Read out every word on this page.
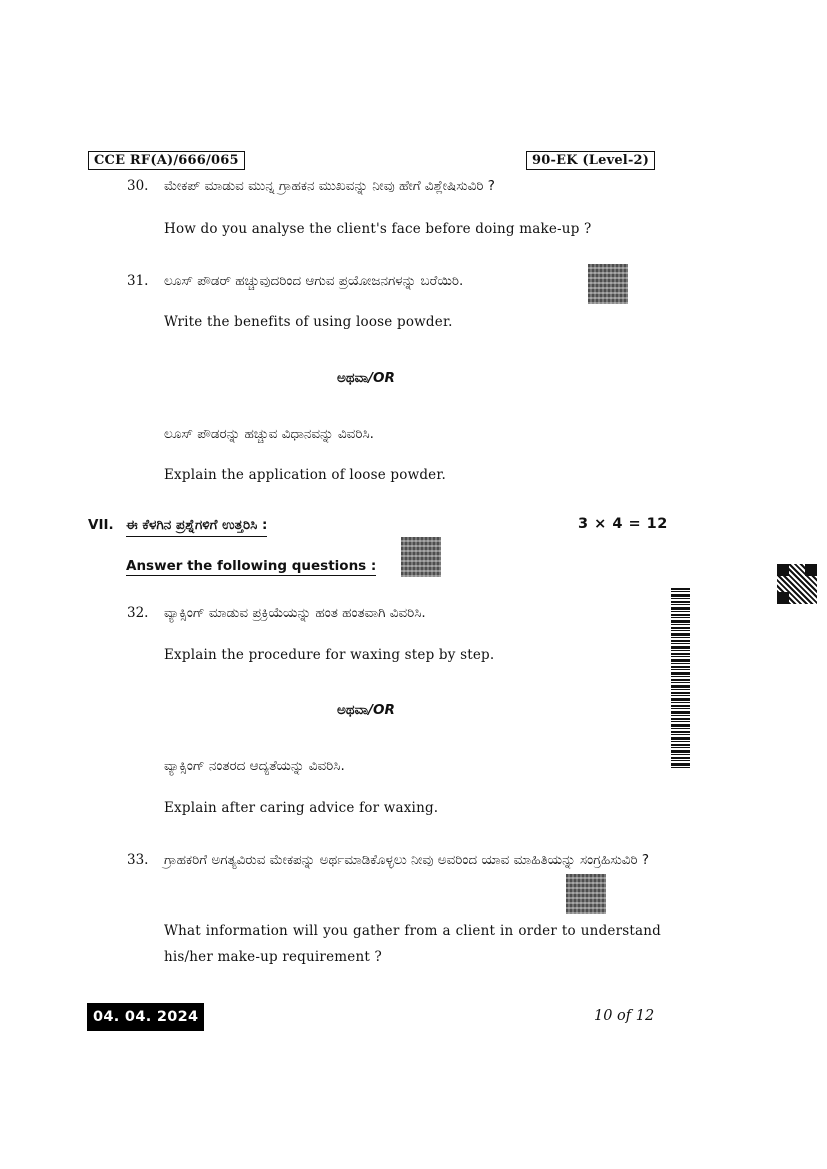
CCE RF(A)/666/065	90-EK (Level-2)
30. ಮೇಕಪ್ ಮಾಡುವ ಮುನ್ನ ಗ್ರಾಹಕನ ಮುಖವನ್ನು ನೀವು ಹೇಗೆ ವಿಶ್ಲೇಷಿಸುವಿರಿ ?
How do you analyse the client's face before doing make-up ?
31. ಲೂಸ್ ಪೌಡರ್ ಹಚ್ಚುವುದರಿಂದ ಆಗುವ ಪ್ರಯೋಜನಗಳನ್ನು ಬರೆಯಿರಿ.
Write the benefits of using loose powder.
ಅಥವಾ/OR
ಲೂಸ್ ಪೌಡರನ್ನು ಹಚ್ಚುವ ವಿಧಾನವನ್ನು ವಿವರಿಸಿ.
Explain the application of loose powder.
VII. ಈ ಕೆಳಗಿನ ಪ್ರಶ್ನೆಗಳಿಗೆ ಉತ್ತರಿಸಿ :	3 × 4 = 12
Answer the following questions :
32. ವ್ಯಾಕ್ಸಿಂಗ್ ಮಾಡುವ ಪ್ರಕ್ರಿಯೆಯನ್ನು ಹಂತ ಹಂತವಾಗಿ ವಿವರಿಸಿ.
Explain the procedure for waxing step by step.
ಅಥವಾ/OR
ವ್ಯಾಕ್ಸಿಂಗ್ ನಂತರದ ಆದ್ಯತೆಯನ್ನು ವಿವರಿಸಿ.
Explain after caring advice for waxing.
33. ಗ್ರಾಹಕರಿಗೆ ಅಗತ್ಯವಿರುವ ಮೇಕಪನ್ನು ಅರ್ಥಮಾಡಿಕೊಳ್ಳಲು ನೀವು ಅವರಿಂದ ಯಾವ ಮಾಹಿತಿಯನ್ನು ಸಂಗ್ರಹಿಸುವಿರಿ ?
What information will you gather from a client in order to understand his/her make-up requirement ?
04. 04. 2024	10 of 12
